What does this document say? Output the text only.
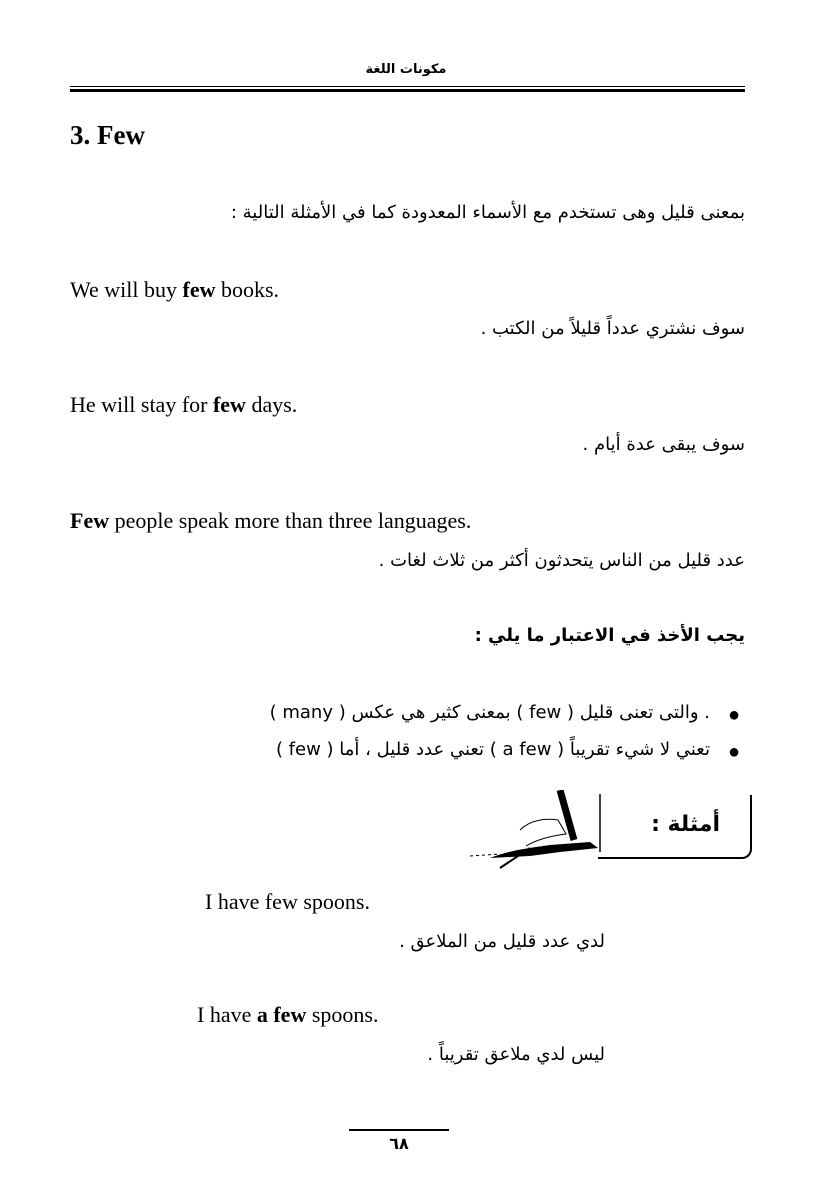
مكونات اللغة
3. Few
بمعنى قليل وهى تستخدم مع الأسماء المعدودة كما في الأمثلة التالية :
We will buy few books.
سوف نشتري عدداً قليلاً من الكتب .
He will stay for few days.
سوف يبقى عدة أيام .
Few people speak more than three languages.
عدد قليل من الناس يتحدثون أكثر من ثلاث لغات .
يجب الأخذ في الاعتبار ما يلي :
●
( many ) بمعنى كثير هي عكس ( few ) والتى تعنى قليل .
●
( few ) تعني عدد قليل ، أما ( a few ) تعني لا شيء تقريباً
أمثلة :
I have few spoons.
لدي عدد قليل من الملاعق .
I have a few spoons.
ليس لدي ملاعق تقريباً .
٦٨
